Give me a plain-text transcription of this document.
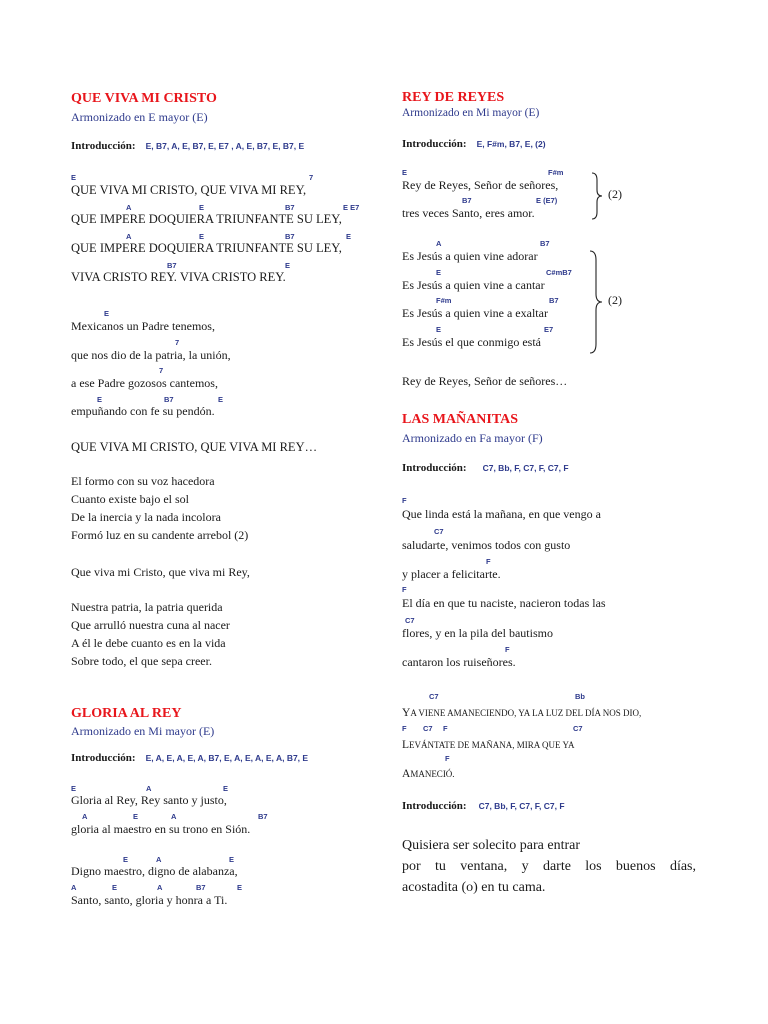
QUE VIVA MI CRISTO
Armonizado en E mayor (E)
Introducción: E, B7, A, E, B7, E, E7 , A, E, B7, E, B7, E
E	7
QUE VIVA MI CRISTO, QUE VIVA MI REY,
A	E	B7	E E7
QUE IMPERE DOQUIERA TRIUNFANTE SU LEY,
A	E	B7	E
QUE IMPERE DOQUIERA TRIUNFANTE SU LEY,
B7	E
VIVA CRISTO REY. VIVA CRISTO REY.
E
Mexicanos un Padre tenemos,
7
que nos dio de la patria, la unión,
7
a ese Padre gozosos cantemos,
E	B7	E
empuñando con fe su pendón.
QUE VIVA MI CRISTO, QUE VIVA MI REY…
El formo con su voz hacedora
Cuanto existe bajo el sol
De la inercia y la nada incolora
Formó luz en su candente arrebol (2)
Que viva mi Cristo, que viva mi Rey,
Nuestra patria, la patria querida
Que arrulló nuestra cuna al nacer
A él le debe cuanto es en la vida
Sobre todo, el que sepa creer.
GLORIA AL REY
Armonizado en Mi mayor (E)
Introducción: E, A, E, A, E, A, B7, E, A, E, A, E, A, B7, E
E	A	E
Gloria al Rey, Rey santo y justo,
A	E	A	B7
gloria al maestro en su trono en Sión.
E	A	E
Digno maestro, digno de alabanza,
A	E	A	B7	E
Santo, santo, gloria y honra a Ti.
REY DE REYES
Armonizado en Mi mayor (E)
Introducción: E, F#m, B7, E, (2)
E	F#m
Rey de Reyes, Señor de señores,
B7	E (E7)
tres veces Santo, eres amor.
(2)
A	B7
Es Jesús a quien vine adorar
E	C#mB7
Es Jesús a quien vine a cantar
F#m	B7
Es Jesús a quien vine a exaltar
E	E7
Es Jesús el que conmigo está
(2)
Rey de Reyes, Señor de señores…
LAS MAÑANITAS
Armonizado en Fa mayor (F)
Introducción: C7, Bb, F, C7, F, C7, F
F
Que linda está la mañana, en que vengo a
C7
saludarte, venimos todos con gusto
F
y placer a felicitarte.
F
El día en que tu naciste, nacieron todas las
C7
flores, y en la pila del bautismo
F
cantaron los ruiseñores.
C7	Bb
YA VIENE AMANECIENDO, YA LA LUZ DEL DÍA NOS DIO,
F C7 F	C7
LEVÁNTATE DE MAÑANA, MIRA QUE YA
F
AMANECIÓ.
Introducción: C7, Bb, F, C7, F, C7, F
Quisiera ser solecito para entrar
por tu ventana, y darte los buenos días,
acostadita (o) en tu cama.
